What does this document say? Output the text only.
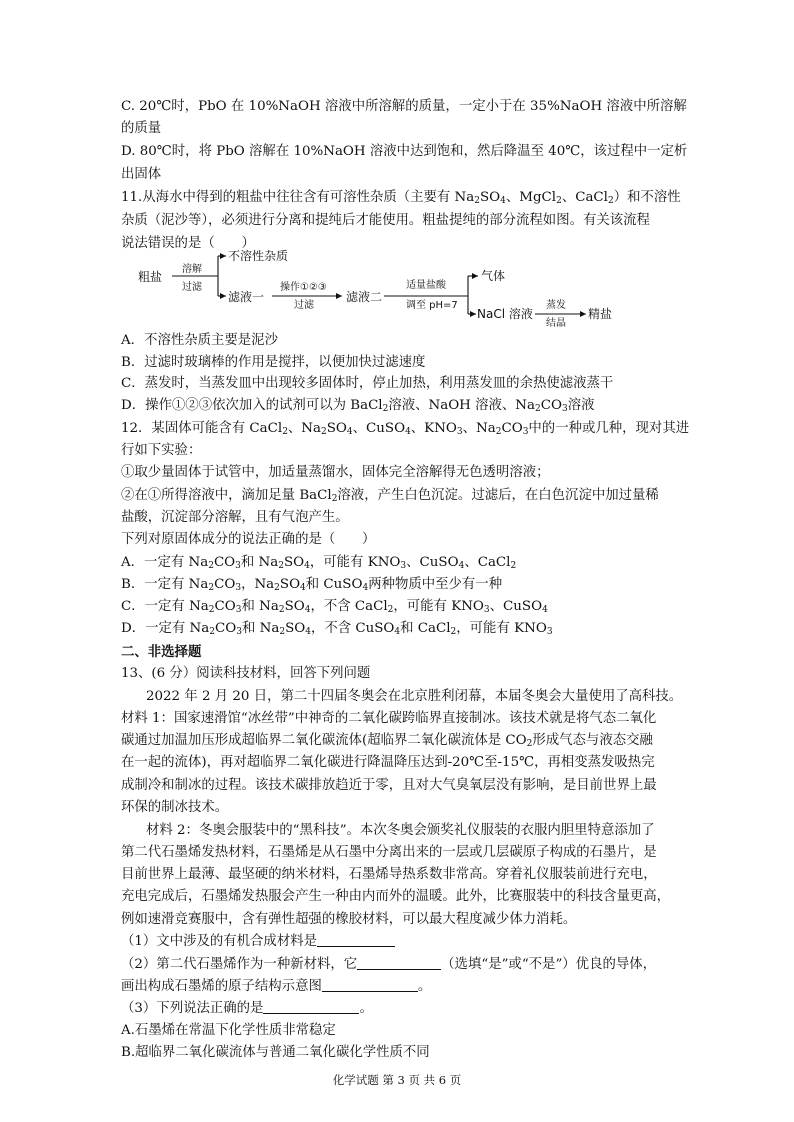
C. 20℃时，PbO 在 10%NaOH 溶液中所溶解的质量，一定小于在 35%NaOH 溶液中所溶解
的质量
D. 80℃时，将 PbO 溶解在 10%NaOH 溶液中达到饱和，然后降温至 40℃，该过程中一定析
出固体
11.从海水中得到的粗盐中往往含有可溶性杂质（主要有 $Na_2SO_4$、MgCl$_2$、CaCl$_2$）和不溶性
杂质（泥沙等），必须进行分离和提纯后才能使用。粗盐提纯的部分流程如图。有关该流程
说法错误的是（　　）
粗盐
溶解
过滤
不溶性杂质
滤液一
操作①②③
过滤
滤液二
适量盐酸
调至 pH=7
气体
NaCl 溶液
蒸发
结晶
精盐
A．不溶性杂质主要是泥沙
B．过滤时玻璃棒的作用是搅拌，以便加快过滤速度
C．蒸发时，当蒸发皿中出现较多固体时，停止加热，利用蒸发皿的余热使滤液蒸干
D．操作①②③依次加入的试剂可以为 BaCl$_2$溶液、NaOH 溶液、$Na_2CO_3$溶液
12．某固体可能含有 CaCl$_2$、$Na_2SO_4$、CuSO$_4$、$KNO_3$、$Na_2CO_3$中的一种或几种，现对其进
行如下实验：
①取少量固体于试管中，加适量蒸馏水，固体完全溶解得无色透明溶液；
②在①所得溶液中，滴加足量 BaCl$_2$溶液，产生白色沉淀。过滤后，在白色沉淀中加过量稀
盐酸，沉淀部分溶解，且有气泡产生。
下列对原固体成分的说法正确的是（　　）
A．一定有 $Na_2CO_3$和 $Na_2SO_4$，可能有 $KNO_3$、CuSO$_4$、CaCl$_2$
B．一定有 $Na_2CO_3$，$Na_2SO_4$和 CuSO$_4$两种物质中至少有一种
C．一定有 $Na_2CO_3$和 $Na_2SO_4$，不含 CaCl$_2$，可能有 $KNO_3$、CuSO$_4$
D．一定有 $Na_2CO_3$和 $Na_2SO_4$，不含 CuSO$_4$和 CaCl$_2$，可能有 $KNO_3$
二、非选择题
13、(6 分）阅读科技材料，回答下列问题
2022 年 2 月 20 日，第二十四届冬奥会在北京胜利闭幕，本届冬奥会大量使用了高科技。
材料 1：国家速滑馆“冰丝带”中神奇的二氧化碳跨临界直接制冰。该技术就是将气态二氧化
碳通过加温加压形成超临界二氧化碳流体(超临界二氧化碳流体是 $CO_2$形成气态与液态交融
在一起的流体)，再对超临界二氧化碳进行降温降压达到-20℃至-15℃，再相变蒸发吸热完
成制冷和制冰的过程。该技术碳排放趋近于零，且对大气臭氧层没有影响，是目前世界上最
环保的制冰技术。
材料 2：冬奥会服装中的“黑科技”。本次冬奥会颁奖礼仪服装的衣服内胆里特意添加了
第二代石墨烯发热材料，石墨烯是从石墨中分离出来的一层或几层碳原子构成的石墨片，是
目前世界上最薄、最坚硬的纳米材料，石墨烯导热系数非常高。穿着礼仪服装前进行充电，
充电完成后，石墨烯发热服会产生一种由内而外的温暖。此外，比赛服装中的科技含量更高，
例如速滑竞赛服中，含有弹性超强的橡胶材料，可以最大程度减少体力消耗。
（1）文中涉及的有机合成材料是
（2）第二代石墨烯作为一种新材料，它	（选填“是”或“不是”）优良的导体，
画出构成石墨烯的原子结构示意图	。
（3）下列说法正确的是	。
A.石墨烯在常温下化学性质非常稳定
B.超临界二氧化碳流体与普通二氧化碳化学性质不同
化学试题 第 3 页 共 6 页
